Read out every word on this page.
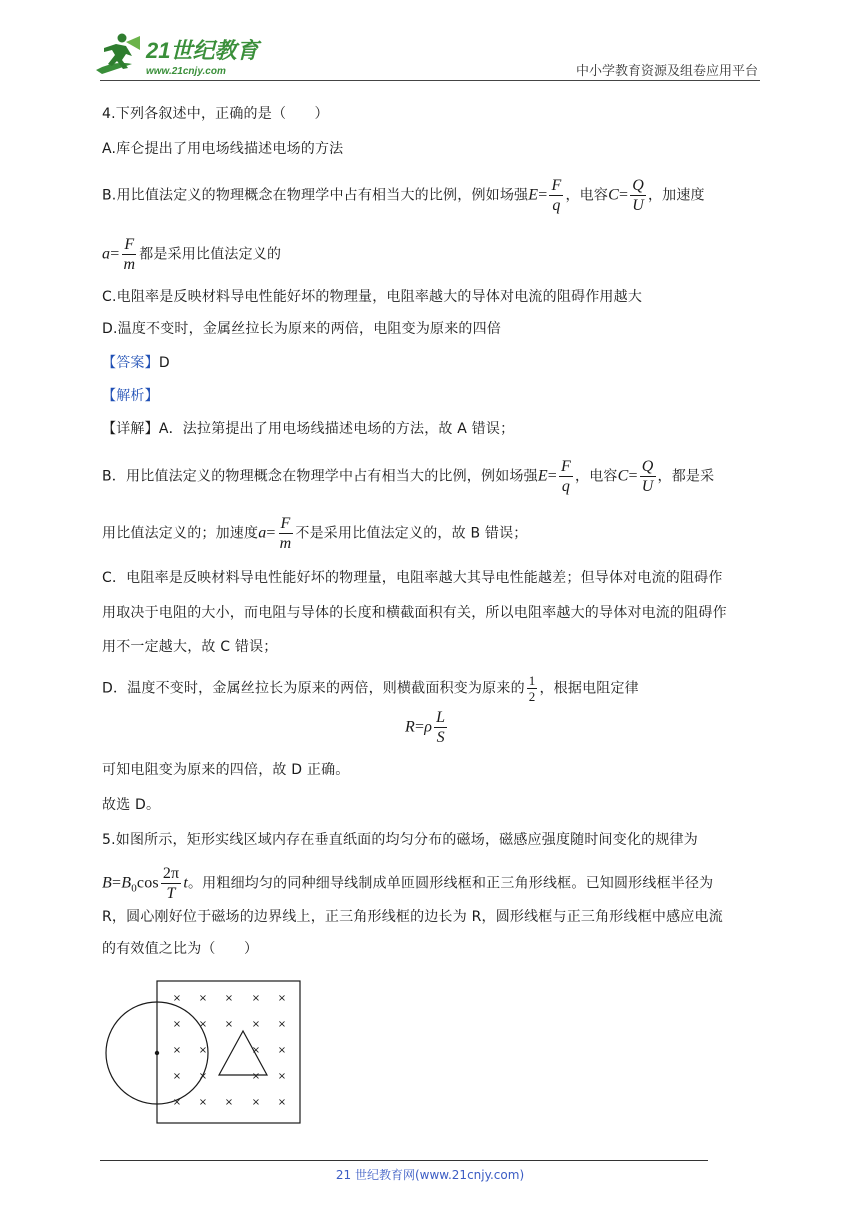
21世纪教育
www.21cnjy.com	中小学教育资源及组卷应用平台
4.下列各叙述中，正确的是（　　）
A.库仑提出了用电场线描述电场的方法
B.用比值法定义的物理概念在物理学中占有相当大的比例，例如场强$E= \frac{F}{q}$ ，电容$C= \frac{Q}{U}$ ，加速度
$a= \frac{F}{m}$ 都是采用比值法定义的
C.电阻率是反映材料导电性能好坏的物理量，电阻率越大的导体对电流的阻碍作用越大
D.温度不变时，金属丝拉长为原来的两倍，电阻变为原来的四倍
【答案】D
【解析】
【详解】A．法拉第提出了用电场线描述电场的方法，故 A 错误；
B．用比值法定义的物理概念在物理学中占有相当大的比例，例如场强$E= \frac{F}{q}$ ，电容$C= \frac{Q}{U}$ ，都是采
用比值法定义的；加速度$a= \frac{F}{m}$ 不是采用比值法定义的，故 B 错误；
C．电阻率是反映材料导电性能好坏的物理量，电阻率越大其导电性能越差；但导体对电流的阻碍作
用取决于电阻的大小，而电阻与导体的长度和横截面积有关，所以电阻率越大的导体对电流的阻碍作
用不一定越大，故 C 错误；
D．温度不变时，金属丝拉长为原来的两倍，则横截面积变为原来的 $\frac{1}{2}$ ，根据电阻定律
$R=\rho \frac{L}{S}$
可知电阻变为原来的四倍，故 D 正确。
故选 D。
5.如图所示，矩形实线区域内存在垂直纸面的均匀分布的磁场，磁感应强度随时间变化的规律为
$B=B_0\cos \frac{2\pi}{T}$ t。用粗细均匀的同种细导线制成单匝圆形线框和正三角形线框。已知圆形线框半径为
R，圆心刚好位于磁场的边界线上，正三角形线框的边长为 R，圆形线框与正三角形线框中感应电流
的有效值之比为（　　）
× × × × ×
× × × × ×
× ×	× ×
× ×	× ×
× × × × ×
21 世纪教育网(www.21cnjy.com)
